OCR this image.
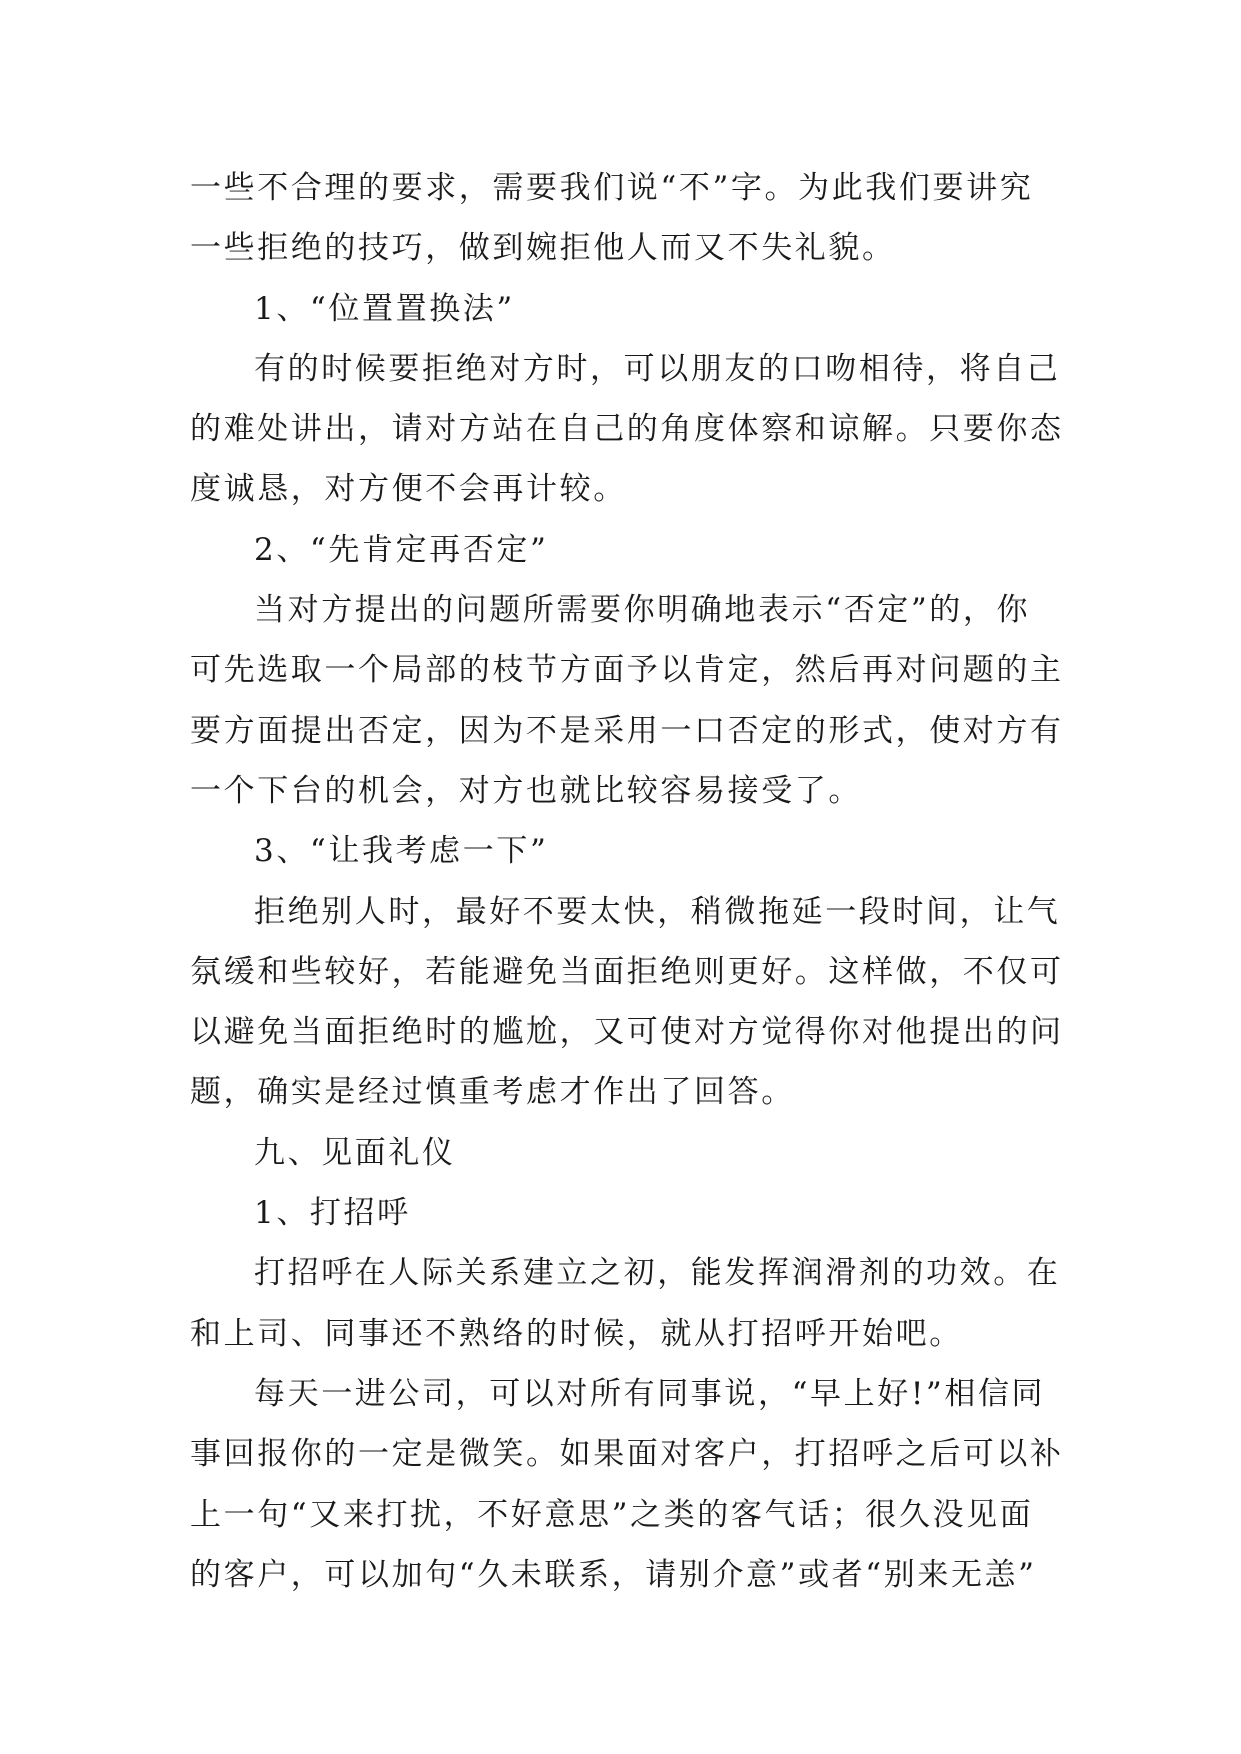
一些不合理的要求，需要我们说“不”字。为此我们要讲究
一些拒绝的技巧，做到婉拒他人而又不失礼貌。
1、“位置置换法”
有的时候要拒绝对方时，可以朋友的口吻相待，将自己
的难处讲出，请对方站在自己的角度体察和谅解。只要你态
度诚恳，对方便不会再计较。
2、“先肯定再否定”
当对方提出的问题所需要你明确地表示“否定”的，你
可先选取一个局部的枝节方面予以肯定，然后再对问题的主
要方面提出否定，因为不是采用一口否定的形式，使对方有
一个下台的机会，对方也就比较容易接受了。
3、“让我考虑一下”
拒绝别人时，最好不要太快，稍微拖延一段时间，让气
氛缓和些较好，若能避免当面拒绝则更好。这样做，不仅可
以避免当面拒绝时的尴尬，又可使对方觉得你对他提出的问
题，确实是经过慎重考虑才作出了回答。
九、见面礼仪
1、打招呼
打招呼在人际关系建立之初，能发挥润滑剂的功效。在
和上司、同事还不熟络的时候，就从打招呼开始吧。
每天一进公司，可以对所有同事说，“早上好!”相信同
事回报你的一定是微笑。如果面对客户，打招呼之后可以补
上一句“又来打扰，不好意思”之类的客气话；很久没见面
的客户，可以加句“久未联系，请别介意”或者“别来无恙”
